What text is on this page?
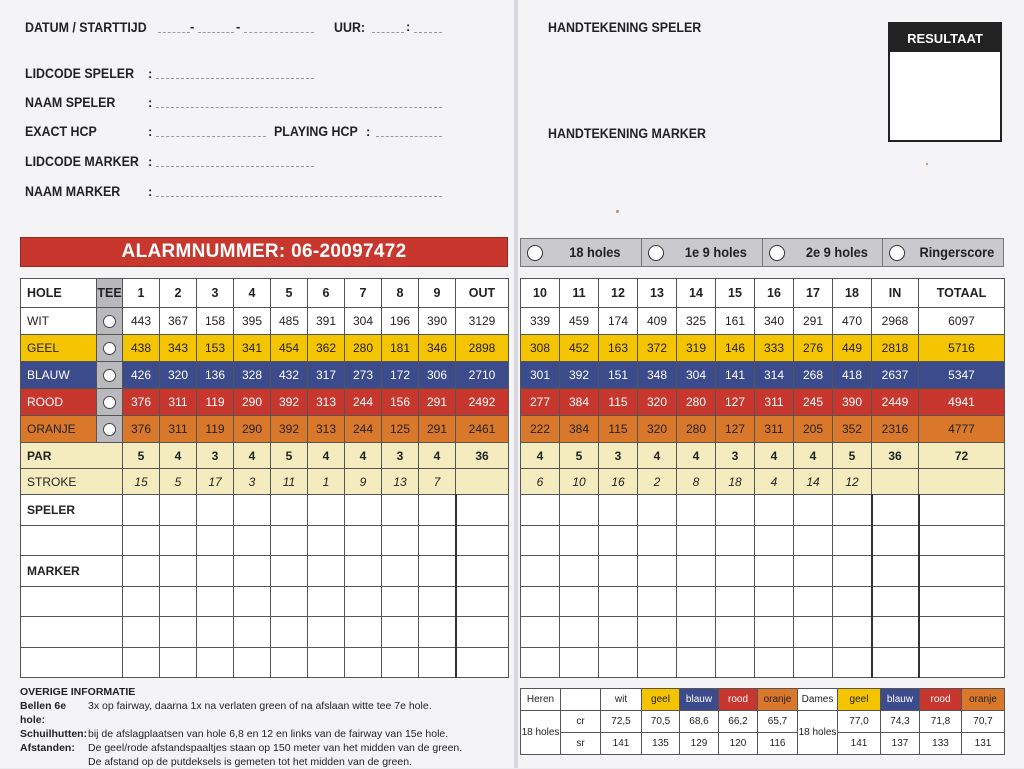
DATUM / STARTTIJD	-	-	UUR:	:
LIDCODE SPELER :
NAAM SPELER	:
EXACT HCP	:	PLAYING HCP :
LIDCODE MARKER :
NAAM MARKER :
HANDTEKENING SPELER
HANDTEKENING MARKER
RESULTAAT
ALARMNUMMER: 06-20097472	18 holes	1e 9 holes	2e 9 holes	Ringerscore
HOLE	TEE	1	2	3	4	5	6	7	8	9	OUT
WIT		443	367	158	395	485	391	304	196	390	3129
GEEL		438	343	153	341	454	362	280	181	346	2898
BLAUW		426	320	136	328	432	317	273	172	306	2710
ROOD		376	311	119	290	392	313	244	156	291	2492
ORANJE		376	311	119	290	392	313	244	125	291	2461
PAR		5	4	3	4	5	4	4	3	4	36
STROKE		15	5	17	3	11	1	9	13	7	
SPELER											

MARKER											

10	11	12	13	14	15	16	17	18	IN	TOTAAL
339	459	174	409	325	161	340	291	470	2968	6097
308	452	163	372	319	146	333	276	449	2818	5716
301	392	151	348	304	141	314	268	418	2637	5347
277	384	115	320	280	127	311	245	390	2449	4941
222	384	115	320	280	127	311	205	352	2316	4777
4	5	3	4	4	3	4	4	5	36	72
6	10	16	2	8	18	4	14	12		

OVERIGE INFORMATIE
Bellen 6e hole:
3x op fairway, daarna 1x na verlaten green of na afslaan witte tee 7e hole.
Schuilhutten: bij de afslagplaatsen van hole 6,8 en 12 en links van de fairway van 15e hole.
Afstanden:	De geel/rode afstandspaaltjes staan op 150 meter van het midden van de green.
De afstand op de putdeksels is gemeten tot het midden van de green.
Heren		wit	geel	blauw	rood	oranje	Dames	geel	blauw	rood	oranje
18 holes	cr	72,5	70,5	68,6	66,2	65,7	18 holes	77,0	74,3	71,8	70,7
	sr	141	135	129	120	116		141	137	133	131
